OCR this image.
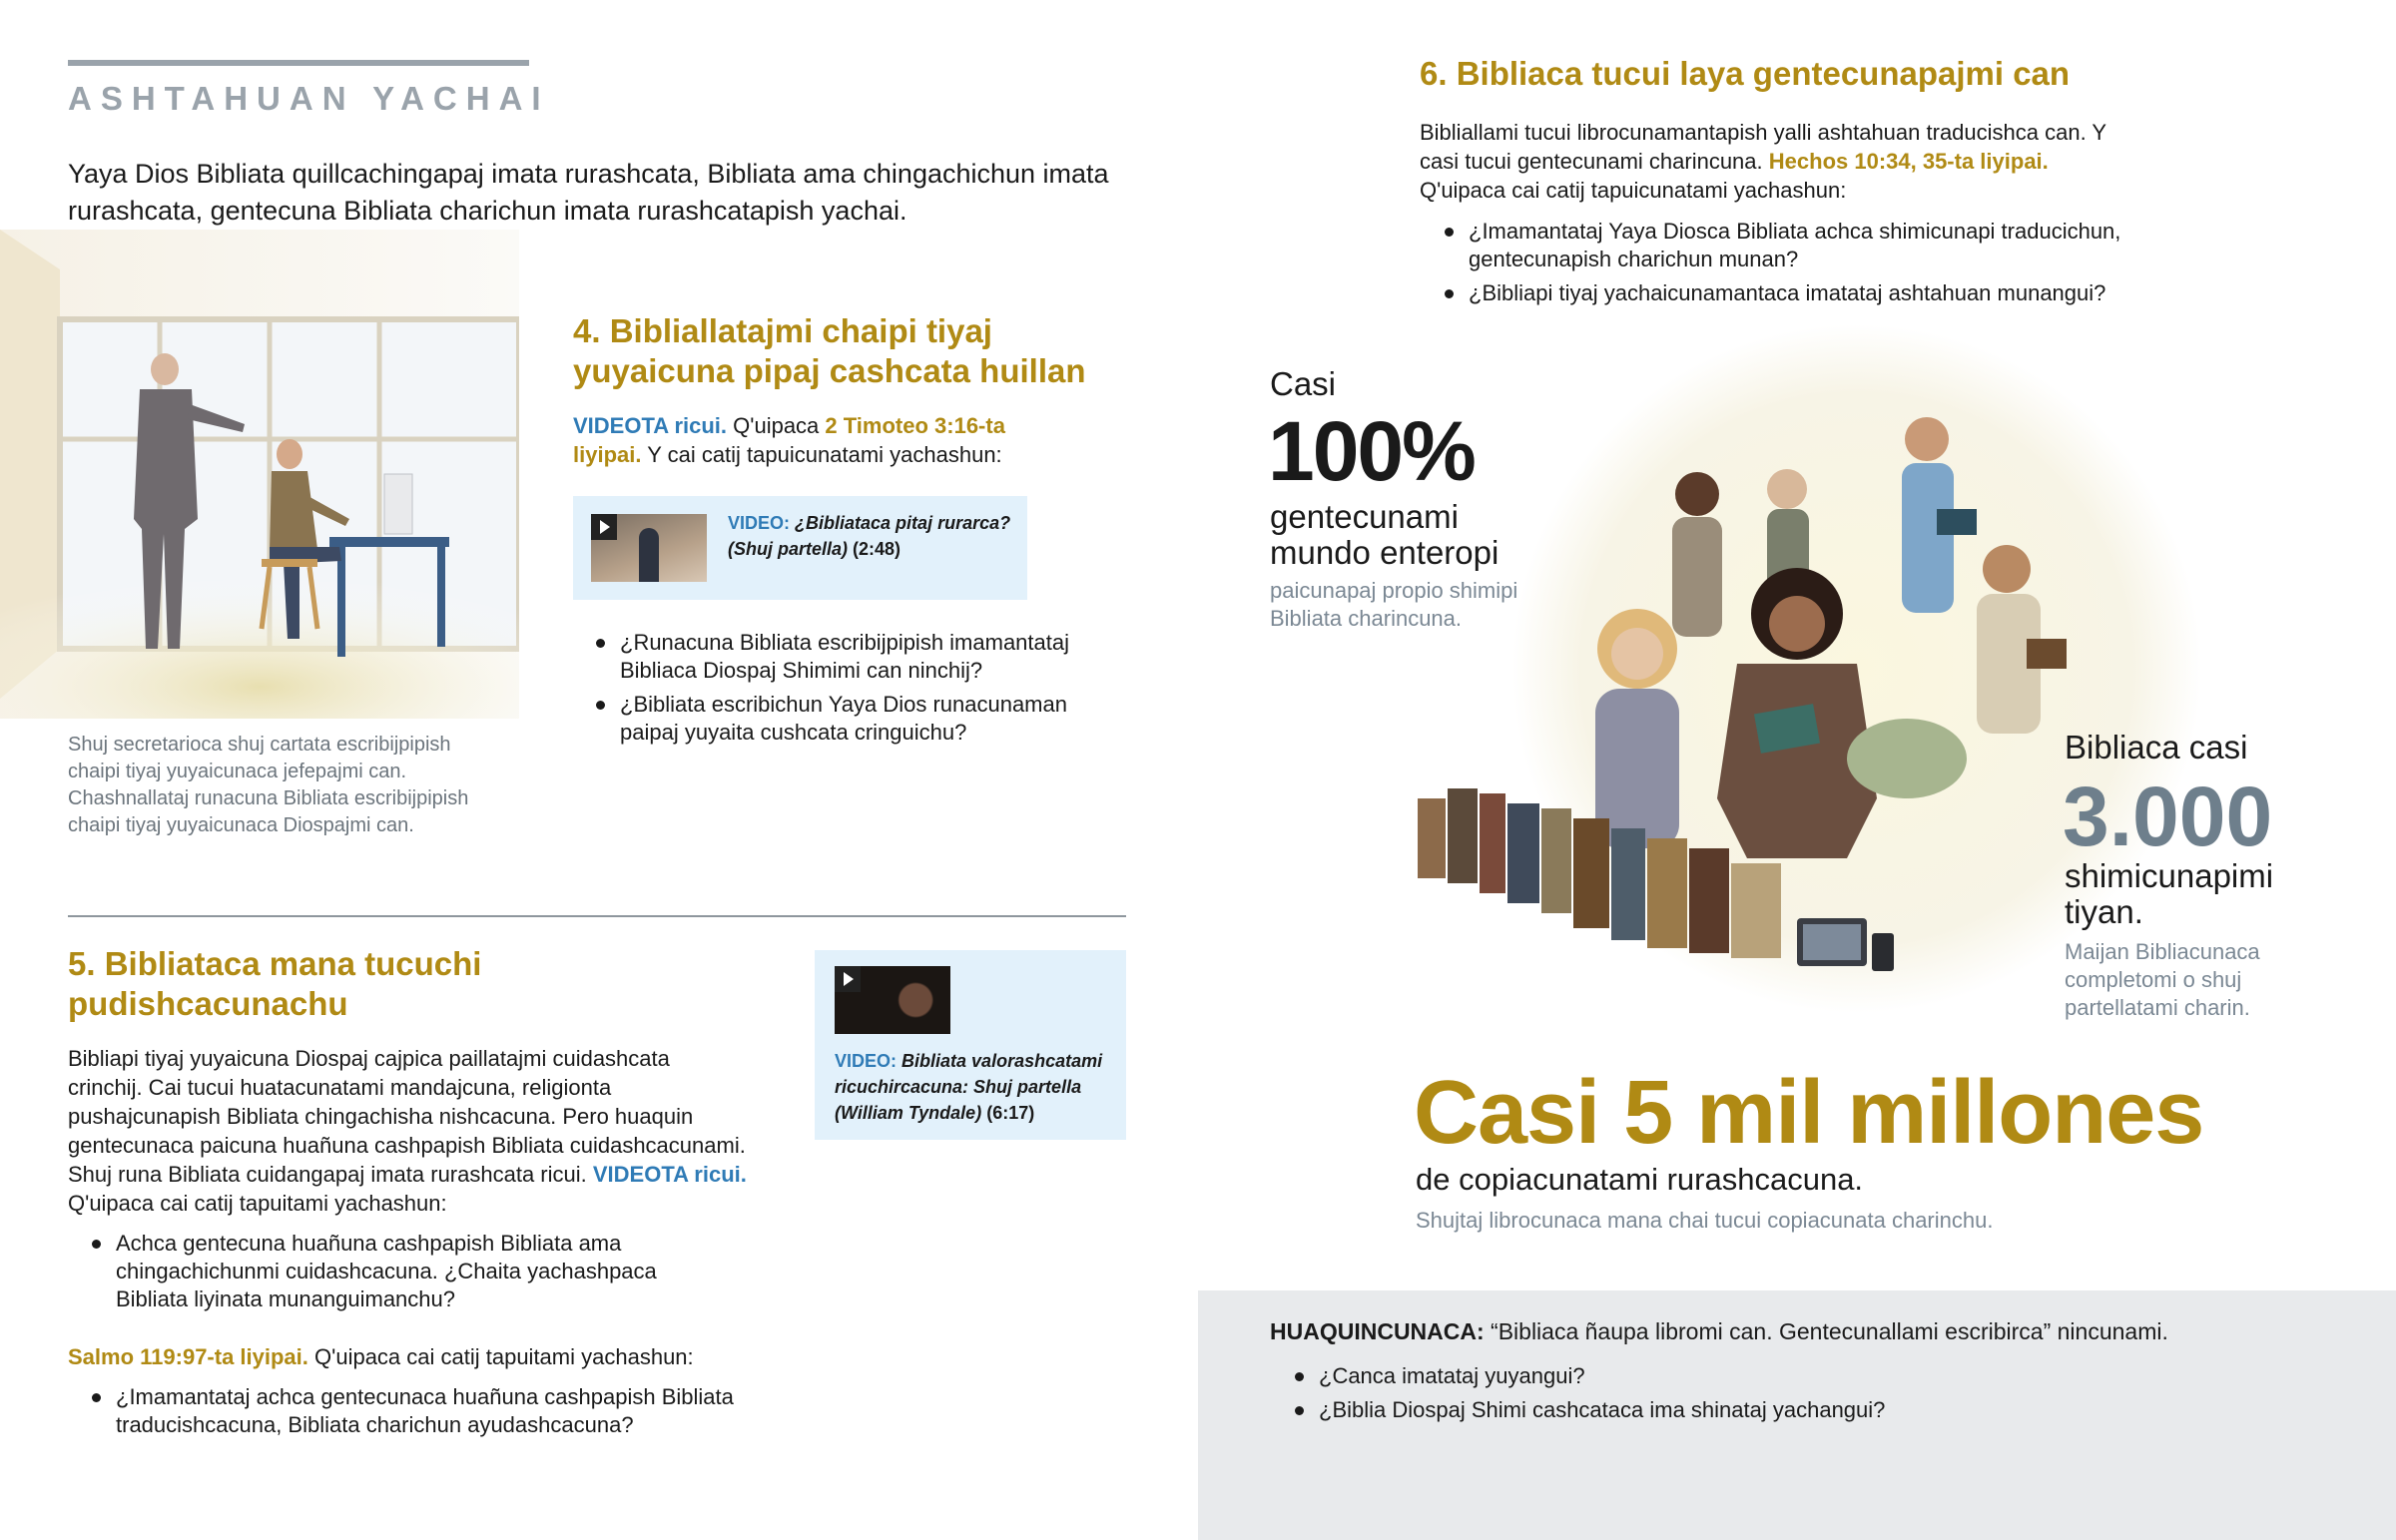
ASHTAHUAN YACHAI
Yaya Dios Bibliata quillcachingapaj imata rurashcata, Bibliata ama chingachichun imata rurashcata, gentecuna Bibliata charichun imata rurashcatapish yachai.
Shuj secretarioca shuj cartata escribijpipish chaipi tiyaj yuyaicunaca jefepajmi can. Chashnallataj runacuna Bibliata escribijpipish chaipi tiyaj yuyaicunaca Diospajmi can.
4. Bibliallatajmi chaipi tiyaj yuyaicuna pipaj cashcata huillan
VIDEOTA ricui. Q'uipaca 2 Timoteo 3:16-ta liyipai. Y cai catij tapuicunatami yachashun:
VIDEO: ¿Bibliataca pitaj rurarca? (Shuj partella) (2:48)
¿Runacuna Bibliata escribijpipish imamantataj Bibliaca Diospaj Shimimi can ninchij?
¿Bibliata escribichun Yaya Dios runacunaman paipaj yuyaita cushcata cringuichu?
5. Bibliataca mana tucuchi pudishcacunachu
Bibliapi tiyaj yuyaicuna Diospaj cajpica paillatajmi cuidashcata crinchij. Cai tucui huatacunatami mandajcuna, religionta pushajcunapish Bibliata chingachisha nishcacuna. Pero huaquin gentecunaca paicuna huañuna cashpapish Bibliata cuidashcacunami. Shuj runa Bibliata cuidangapaj imata rurashcata ricui. VIDEOTA ricui. Q'uipaca cai catij tapuitami yachashun:
Achca gentecuna huañuna cashpapish Bibliata ama chingachichunmi cuidashcacuna. ¿Chaita yachashpaca Bibliata liyinata munanguimanchu?
Salmo 119:97-ta liyipai. Q'uipaca cai catij tapuitami yachashun:
¿Imamantataj achca gentecunaca huañuna cashpapish Bibliata traducishcacuna, Bibliata charichun ayudashcacuna?
VIDEO: Bibliata valorashcatami ricuchircacuna: Shuj partella (William Tyndale) (6:17)
6. Bibliaca tucui laya gentecunapajmi can
Bibliallami tucui librocunamantapish yalli ashtahuan traducishca can. Y casi tucui gentecunami charincuna. Hechos 10:34, 35-ta liyipai.
Q'uipaca cai catij tapuicunatami yachashun:
¿Imamantataj Yaya Diosca Bibliata achca shimicunapi traducichun, gentecunapish charichun munan?
¿Bibliapi tiyaj yachaicunamantaca imatataj ashtahuan munangui?
Casi
100%
gentecunami mundo enteropi
paicunapaj propio shimipi Bibliata charincuna.
Bibliaca casi
3.000
shimicunapimi tiyan.
Maijan Bibliacunaca completomi o shuj partellatami charin.
Casi 5 mil millones
de copiacunatami rurashcacuna.
Shujtaj librocunaca mana chai tucui copiacunata charinchu.
HUAQUINCUNACA: “Bibliaca ñaupa libromi can. Gentecunallami escribirca” nincunami.
¿Canca imatataj yuyangui?
¿Biblia Diospaj Shimi cashcataca ima shinataj yachangui?
